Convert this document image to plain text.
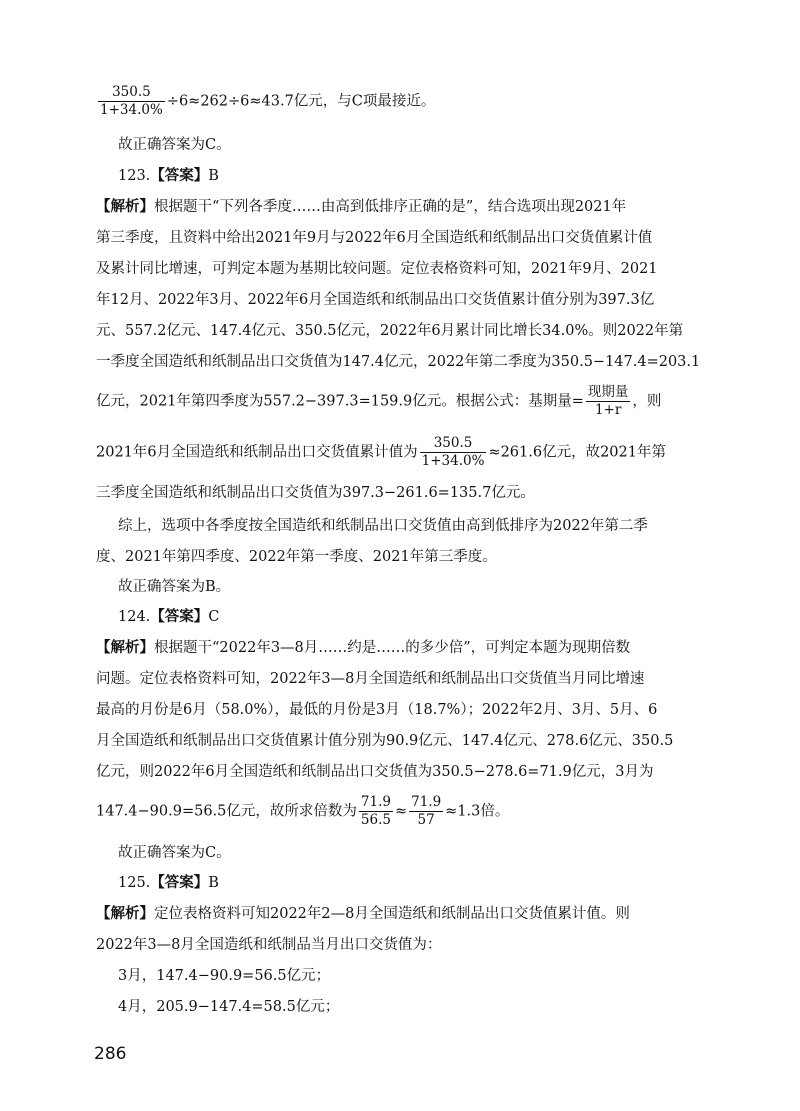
$\frac{350.5}{1+34.0\%} \div 6\approx 262\div 6\approx 43.7$亿元，与C项最接近。
故正确答案为C。
123.【答案】B
【解析】根据题干“下列各季度……由高到低排序正确的是”，结合选项出现2021年
第三季度，且资料中给出2021年9月与2022年6月全国造纸和纸制品出口交货值累计值
及累计同比增速，可判定本题为基期比较问题。定位表格资料可知，2021年9月、2021
年12月、2022年3月、2022年6月全国造纸和纸制品出口交货值累计值分别为397.3亿
元、557.2亿元、147.4亿元、350.5亿元，2022年6月累计同比增长34.0%。则2022年第
一季度全国造纸和纸制品出口交货值为147.4亿元，2022年第二季度为350.5−147.4=203.1
亿元，2021年第四季度为557.2−397.3=159.9亿元。根据公式：基期量= $\frac{\text{现期量}}{1+r}$ ，则
2021年6月全国造纸和纸制品出口交货值累计值为 $\frac{350.5}{1+34.0\%} \approx 261.6$亿元，故2021年第
三季度全国造纸和纸制品出口交货值为397.3−261.6=135.7亿元。
综上，选项中各季度按全国造纸和纸制品出口交货值由高到低排序为2022年第二季
度、2021年第四季度、2022年第一季度、2021年第三季度。
故正确答案为B。
124.【答案】C
【解析】根据题干“2022年3—8月……约是……的多少倍”，可判定本题为现期倍数
问题。定位表格资料可知，2022年3—8月全国造纸和纸制品出口交货值当月同比增速
最高的月份是6月（58.0%），最低的月份是3月（18.7%）；2022年2月、3月、5月、6
月全国造纸和纸制品出口交货值累计值分别为90.9亿元、147.4亿元、278.6亿元、350.5
亿元，则2022年6月全国造纸和纸制品出口交货值为350.5−278.6=71.9亿元，3月为
147.4−90.9=56.5亿元，故所求倍数为 $\frac{71.9}{56.5} \approx \frac{71.9}{57} \approx 1.3$倍。
故正确答案为C。
125.【答案】B
【解析】定位表格资料可知2022年2—8月全国造纸和纸制品出口交货值累计值。则
2022年3—8月全国造纸和纸制品当月出口交货值为：
3月，147.4−90.9=56.5亿元；
4月，205.9−147.4=58.5亿元；
286
